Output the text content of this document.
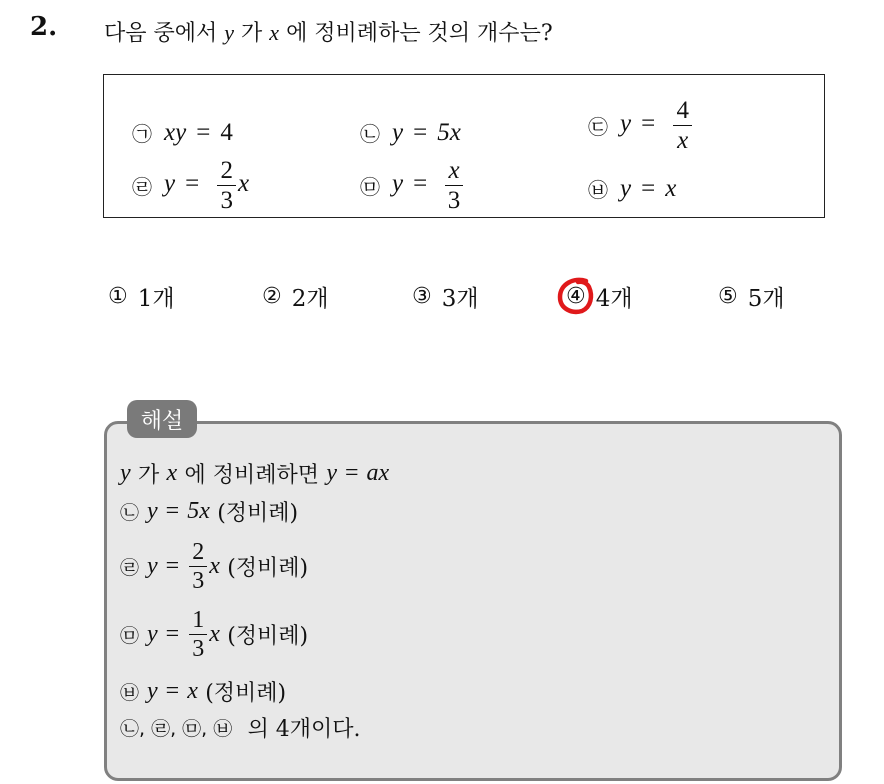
2. 다음 중에서 y 가 x 에 정비례하는 것의 개수는?
㉠ xy = 4	㉡ y = 5x	㉢ $y = \frac{4}{x}$
㉣ $y = \frac{2}{3}$ x	㉤ $y = \frac{x}{3}$	㉥ y = x
① 1개	② 2개	③ 3개	④ 4개	⑤ 5개
해설
y
가
x
에 정비례하면
y = ax
㉡ y = 5x
(정비례)
㉣ $y = \frac{2}{3}$ x
(정비례)
㉤ $y = \frac{1}{3}$ x
(정비례)
㉥ y = x
(정비례)
㉡, ㉣, ㉤, ㉥
의 4개이다.
